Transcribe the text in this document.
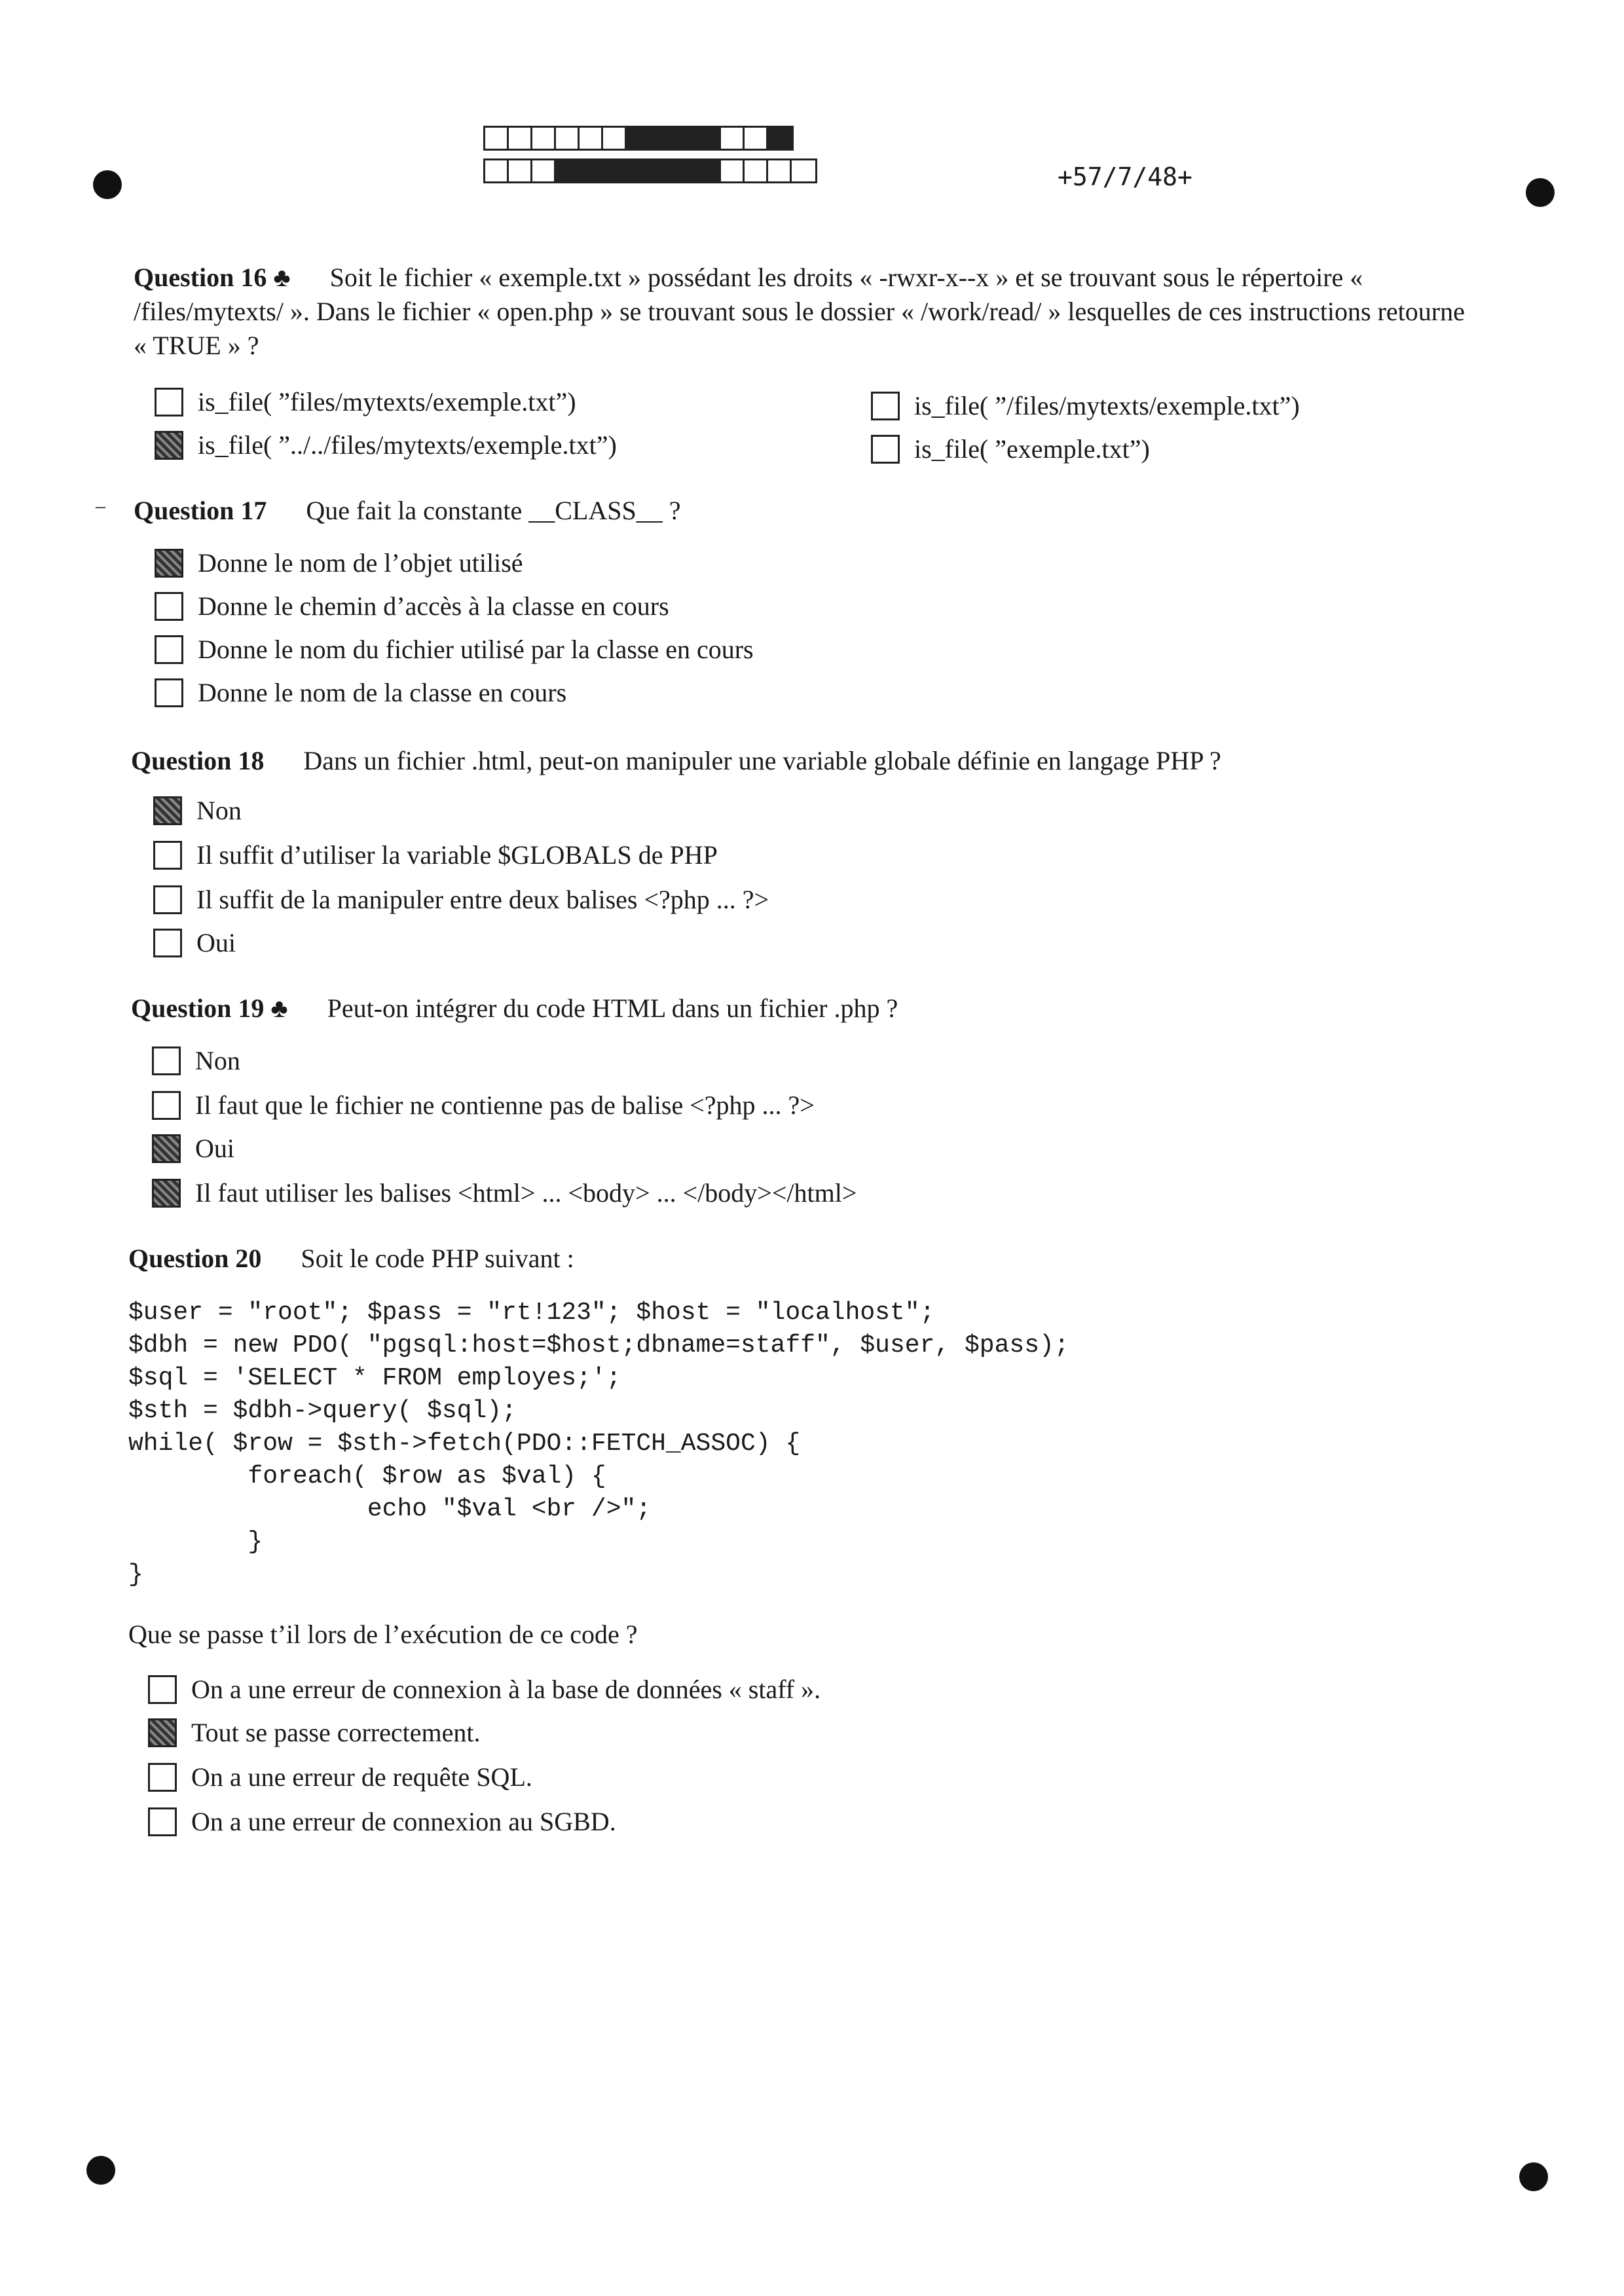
+57/7/48+
Question 16 ♣ Soit le fichier « exemple.txt » possédant les droits « -rwxr-x--x » et se trouvant sous le répertoire «
/files/mytexts/ ». Dans le fichier « open.php » se trouvant sous le dossier « /work/read/ » lesquelles de ces instructions retourne
« TRUE » ?
is_file( ”files/mytexts/exemple.txt”)	is_file( ”/files/mytexts/exemple.txt”)
is_file( ”../../files/mytexts/exemple.txt”)	is_file( ”exemple.txt”)
– Question 17 Que fait la constante __CLASS__ ?
Donne le nom de l’objet utilisé
Donne le chemin d’accès à la classe en cours
Donne le nom du fichier utilisé par la classe en cours
Donne le nom de la classe en cours
Question 18 Dans un fichier .html, peut-on manipuler une variable globale définie en langage PHP ?
Non
Il suffit d’utiliser la variable $GLOBALS de PHP
Il suffit de la manipuler entre deux balises <?php ... ?>
Oui
Question 19 ♣ Peut-on intégrer du code HTML dans un fichier .php ?
Non
Il faut que le fichier ne contienne pas de balise <?php ... ?>
Oui
Il faut utiliser les balises <html> ... <body> ... </body></html>
Question 20 Soit le code PHP suivant :
$user = "root"; $pass = "rt!123"; $host = "localhost";
$dbh = new PDO( "pgsql:host=$host;dbname=staff", $user, $pass);
$sql = 'SELECT * FROM employes;';
$sth = $dbh->query( $sql);
while( $row = $sth->fetch(PDO::FETCH_ASSOC) {
foreach( $row as $val) {
echo "$val <br />";
}
}
Que se passe t’il lors de l’exécution de ce code ?
On a une erreur de connexion à la base de données « staff ».
Tout se passe correctement.
On a une erreur de requête SQL.
On a une erreur de connexion au SGBD.
